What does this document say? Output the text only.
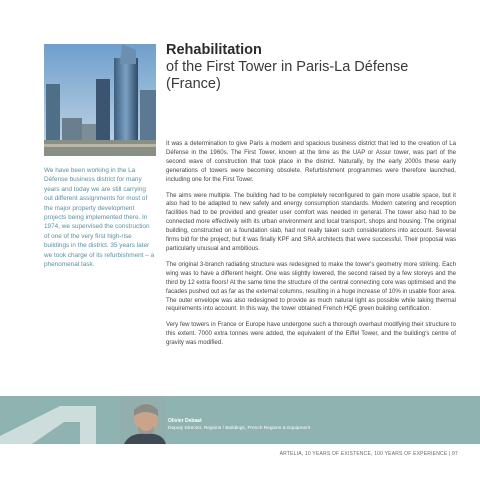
Rehabilitation
of the First Tower in Paris-La Défense
(France)
We have been working in the La Défense business district for many years and today we are still carrying out different assignments for most of the major property development projects being implemented there. In 1974, we supervised the construction of one of the very first high-rise buildings in the district. 35 years later we took charge of its refurbishment – a phenomenal task.

It was a determination to give Paris a modern and spacious business district that led to the creation of La Défense in the 1960s. The First Tower, known at the time as the UAP or Assur tower, was part of the second wave of construction that took place in the district. Naturally, by the early 2000s these early generations of towers were becoming obsolete. Refurbishment programmes were therefore launched, including one for the First Tower.

The aims were multiple. The building had to be completely reconfigured to gain more usable space, but it also had to be adapted to new safety and energy consumption standards. Modern catering and reception facilities had to be provided and greater user comfort was needed in general. The tower also had to be connected more effectively with its urban environment and local transport, shops and housing. The original building, constructed on a foundation slab, had not really taken such considerations into account. Several firms bid for the project, but it was finally KPF and SRA architects that were successful. Their proposal was particularly unusual and ambitious.

The original 3-branch radiating structure was redesigned to make the tower's geometry more striking. Each wing was to have a different height. One was slightly lowered, the second raised by a few storeys and the third by 12 extra floors! At the same time the structure of the central connecting core was optimised and the facades pushed out as far as the external columns, resulting in a huge increase of 10% in usable floor area. The outer envelope was also redesigned to provide as much natural light as possible while taking thermal requirements into account. In this way, the tower obtained French HQE green building certification.

Very few towers in France or Europe have undergone such a thorough overhaul modifying their structure to this extent. 7000 extra tonnes were added, the equivalent of the Eiffel Tower, and the building's centre of gravity was modified.

Olivier Debaat
Deputy Director, Regions / Buildings, French Regions & Equipment
ARTELIA, 10 YEARS OF EXISTENCE, 100 YEARS OF EXPERIENCE | 97
